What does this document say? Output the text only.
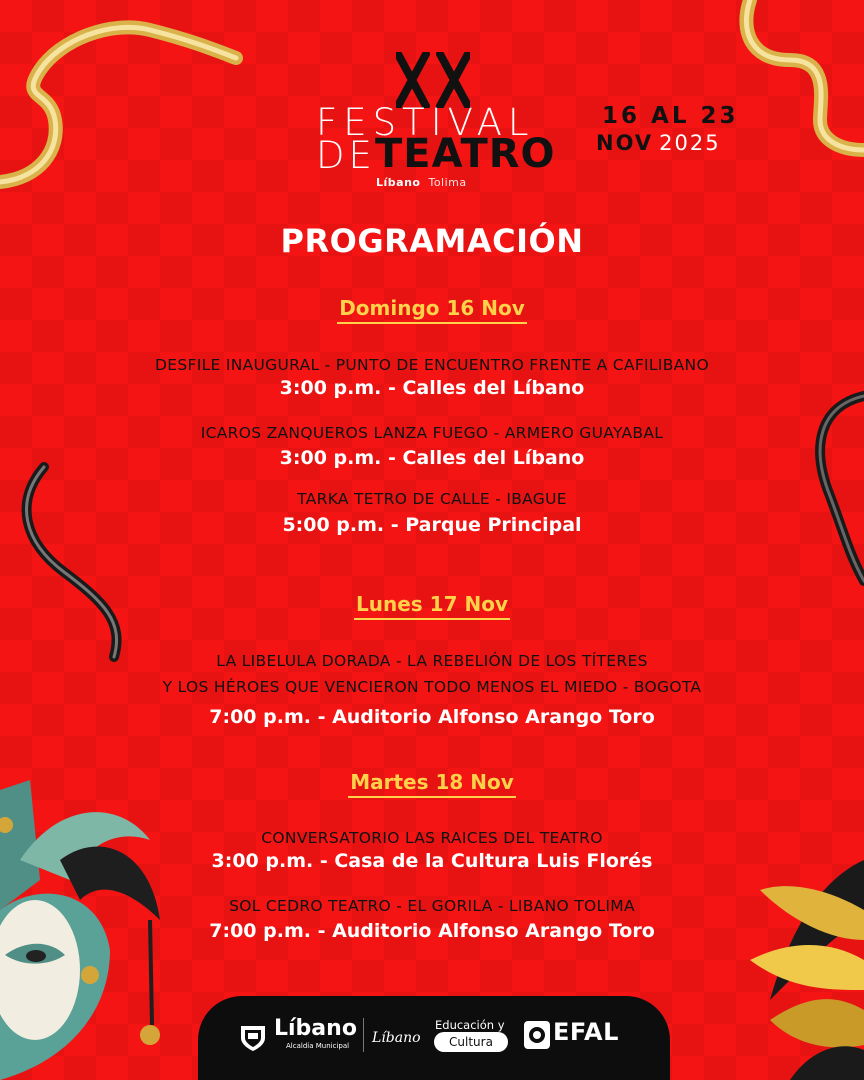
FESTIVAL
DE TEATRO
Líbano Tolima
16 AL 23
NOV 2025
PROGRAMACIÓN
Domingo 16 Nov
DESFILE INAUGURAL - PUNTO DE ENCUENTRO FRENTE A CAFILIBANO
3:00 p.m. - Calles del Líbano
ICAROS ZANQUEROS LANZA FUEGO - ARMERO GUAYABAL
3:00 p.m. - Calles del Líbano
TARKA TETRO DE CALLE - IBAGUE
5:00 p.m. - Parque Principal
Lunes 17 Nov
LA LIBELULA DORADA - LA REBELIÓN DE LOS TÍTERES
Y LOS HÉROES QUE VENCIERON TODO MENOS EL MIEDO - BOGOTA
7:00 p.m. - Auditorio Alfonso Arango Toro
Martes 18 Nov
CONVERSATORIO LAS RAICES DEL TEATRO
3:00 p.m. - Casa de la Cultura Luis Florés
SOL CEDRO TEATRO - EL GORILA - LIBANO TOLIMA
7:00 p.m. - Auditorio Alfonso Arango Toro
Líbano
Alcaldía Municipal Líbano
Educación y
Cultura	EFAL
